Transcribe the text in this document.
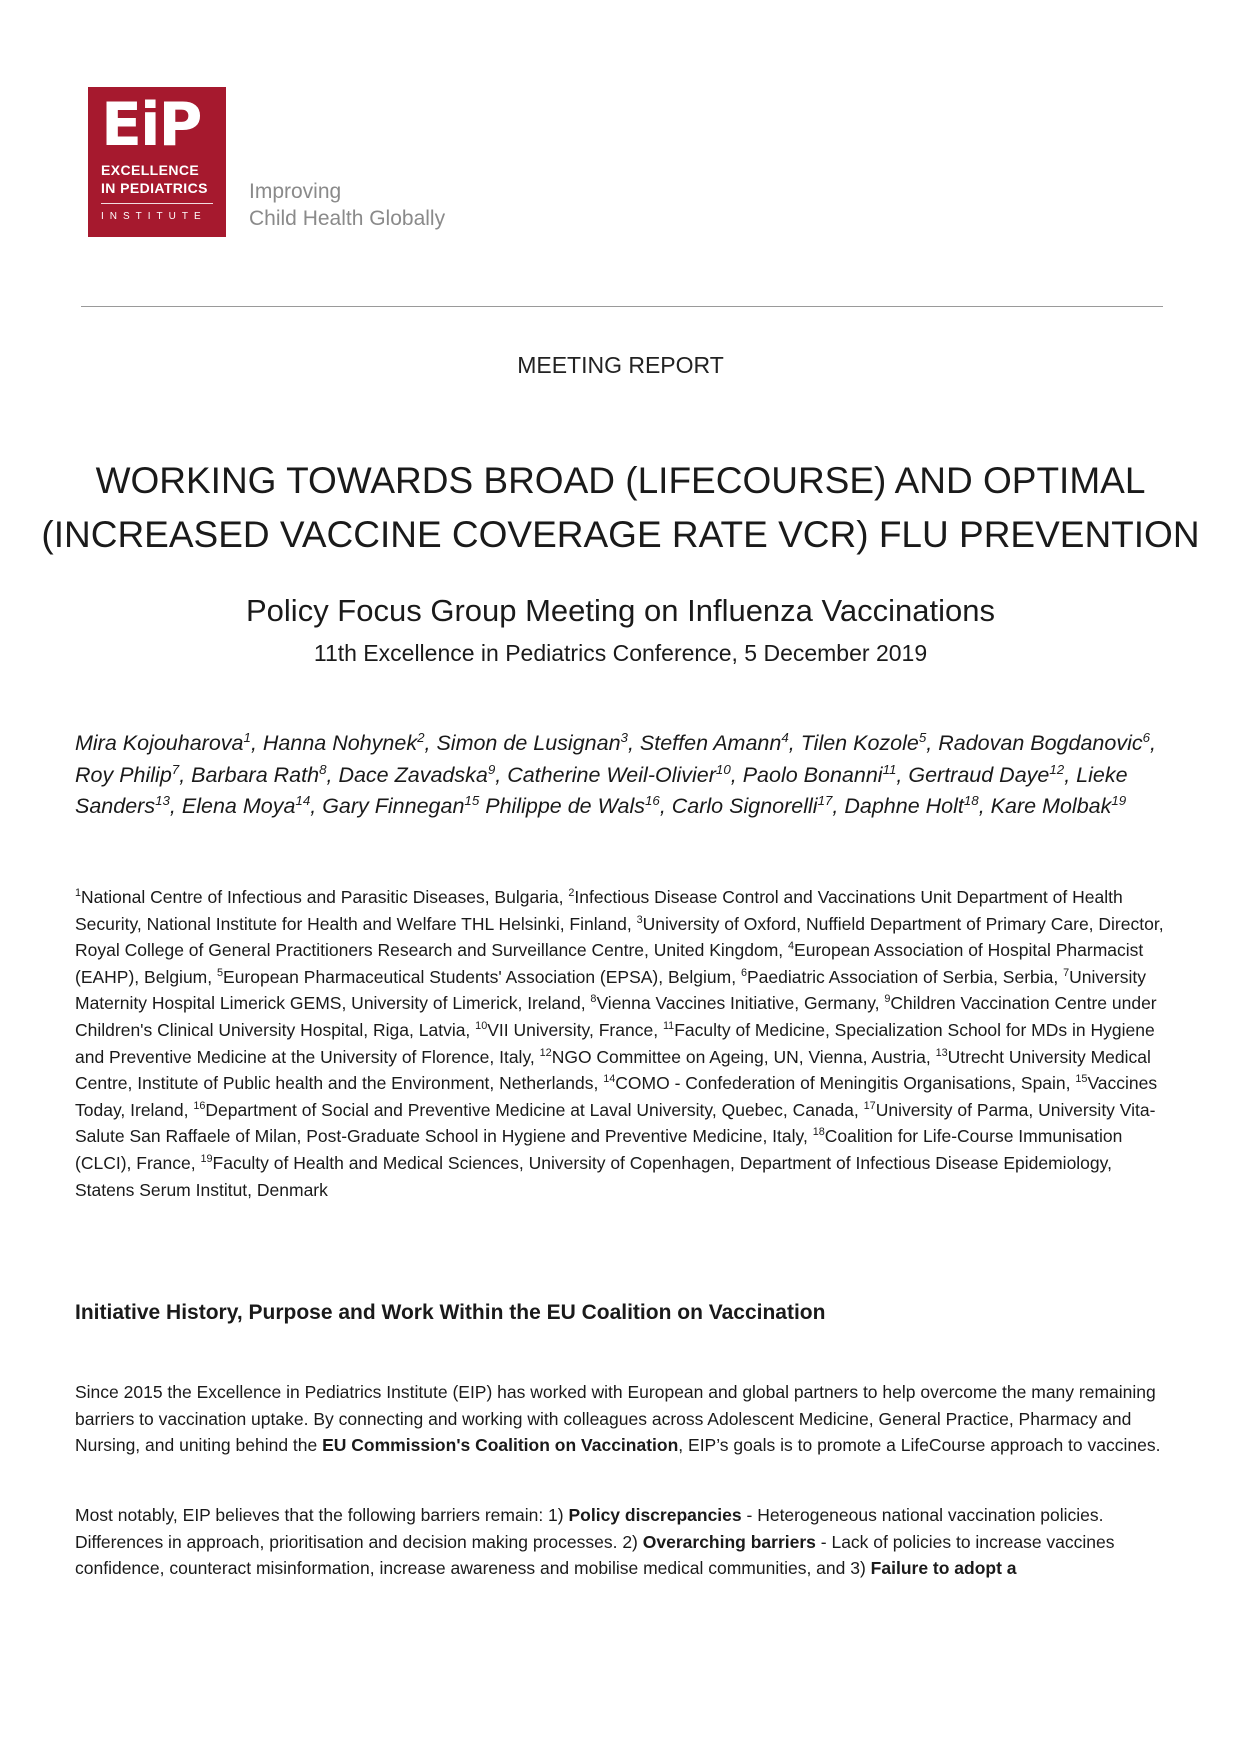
EiP
EXCELLENCE
IN PEDIATRICS
INSTITUTE
Improving
Child Health Globally
MEETING REPORT
WORKING TOWARDS BROAD (LIFECOURSE) AND OPTIMAL
(INCREASED VACCINE COVERAGE RATE VCR) FLU PREVENTION
Policy Focus Group Meeting on Influenza Vaccinations
11th Excellence in Pediatrics Conference, 5 December 2019
Mira Kojouharova$^1$, Hanna Nohynek$^2$, Simon de Lusignan$^3$, Steffen Amann$^4$, Tilen Kozole$^5$, Radovan Bogdanovic$^6$, Roy Philip$^7$, Barbara Rath$^8$, Dace Zavadska$^9$, Catherine Weil-Olivier$^{10}$, Paolo Bonanni$^{11}$, Gertraud Daye$^{12}$, Lieke Sanders$^{13}$, Elena Moya$^{14}$, Gary Finnegan$^{15}$ Philippe de Wals$^{16}$, Carlo Signorelli$^{17}$, Daphne Holt$^{18}$, Kare Molbak$^{19}$
$^1$National Centre of Infectious and Parasitic Diseases, Bulgaria, $^2$Infectious Disease Control and Vaccinations Unit Department of Health Security, National Institute for Health and Welfare THL Helsinki, Finland, $^3$University of Oxford, Nuffield Department of Primary Care, Director, Royal College of General Practitioners Research and Surveillance Centre, United Kingdom, $^4$European Association of Hospital Pharmacist (EAHP), Belgium, $^5$European Pharmaceutical Students' Association (EPSA), Belgium, $^6$Paediatric Association of Serbia, Serbia, $^7$University Maternity Hospital Limerick GEMS, University of Limerick, Ireland, $^8$Vienna Vaccines Initiative, Germany, $^9$Children Vaccination Centre under Children's Clinical University Hospital, Riga, Latvia, $^{10}$VII University, France, $^{11}$Faculty of Medicine, Specialization School for MDs in Hygiene and Preventive Medicine at the University of Florence, Italy, $^{12}$NGO Committee on Ageing, UN, Vienna, Austria, $^{13}$Utrecht University Medical Centre, Institute of Public health and the Environment, Netherlands, $^{14}$COMO - Confederation of Meningitis Organisations, Spain, $^{15}$Vaccines Today, Ireland, $^{16}$Department of Social and Preventive Medicine at Laval University, Quebec, Canada, $^{17}$University of Parma, University Vita-Salute San Raffaele of Milan, Post-Graduate School in Hygiene and Preventive Medicine, Italy, $^{18}$Coalition for Life-Course Immunisation (CLCI), France, $^{19}$Faculty of Health and Medical Sciences, University of Copenhagen, Department of Infectious Disease Epidemiology, Statens Serum Institut, Denmark
Initiative History, Purpose and Work Within the EU Coalition on Vaccination

Since 2015 the Excellence in Pediatrics Institute (EIP) has worked with European and global partners to help overcome the many remaining barriers to vaccination uptake. By connecting and working with colleagues across Adolescent Medicine, General Practice, Pharmacy and Nursing, and uniting behind the EU Commission's Coalition on Vaccination, EIP’s goals is to promote a LifeCourse approach to vaccines.

Most notably, EIP believes that the following barriers remain: 1) Policy discrepancies - Heterogeneous national vaccination policies. Differences in approach, prioritisation and decision making processes. 2) Overarching barriers - Lack of policies to increase vaccines confidence, counteract misinformation, increase awareness and mobilise medical communities, and 3) Failure to adopt a
